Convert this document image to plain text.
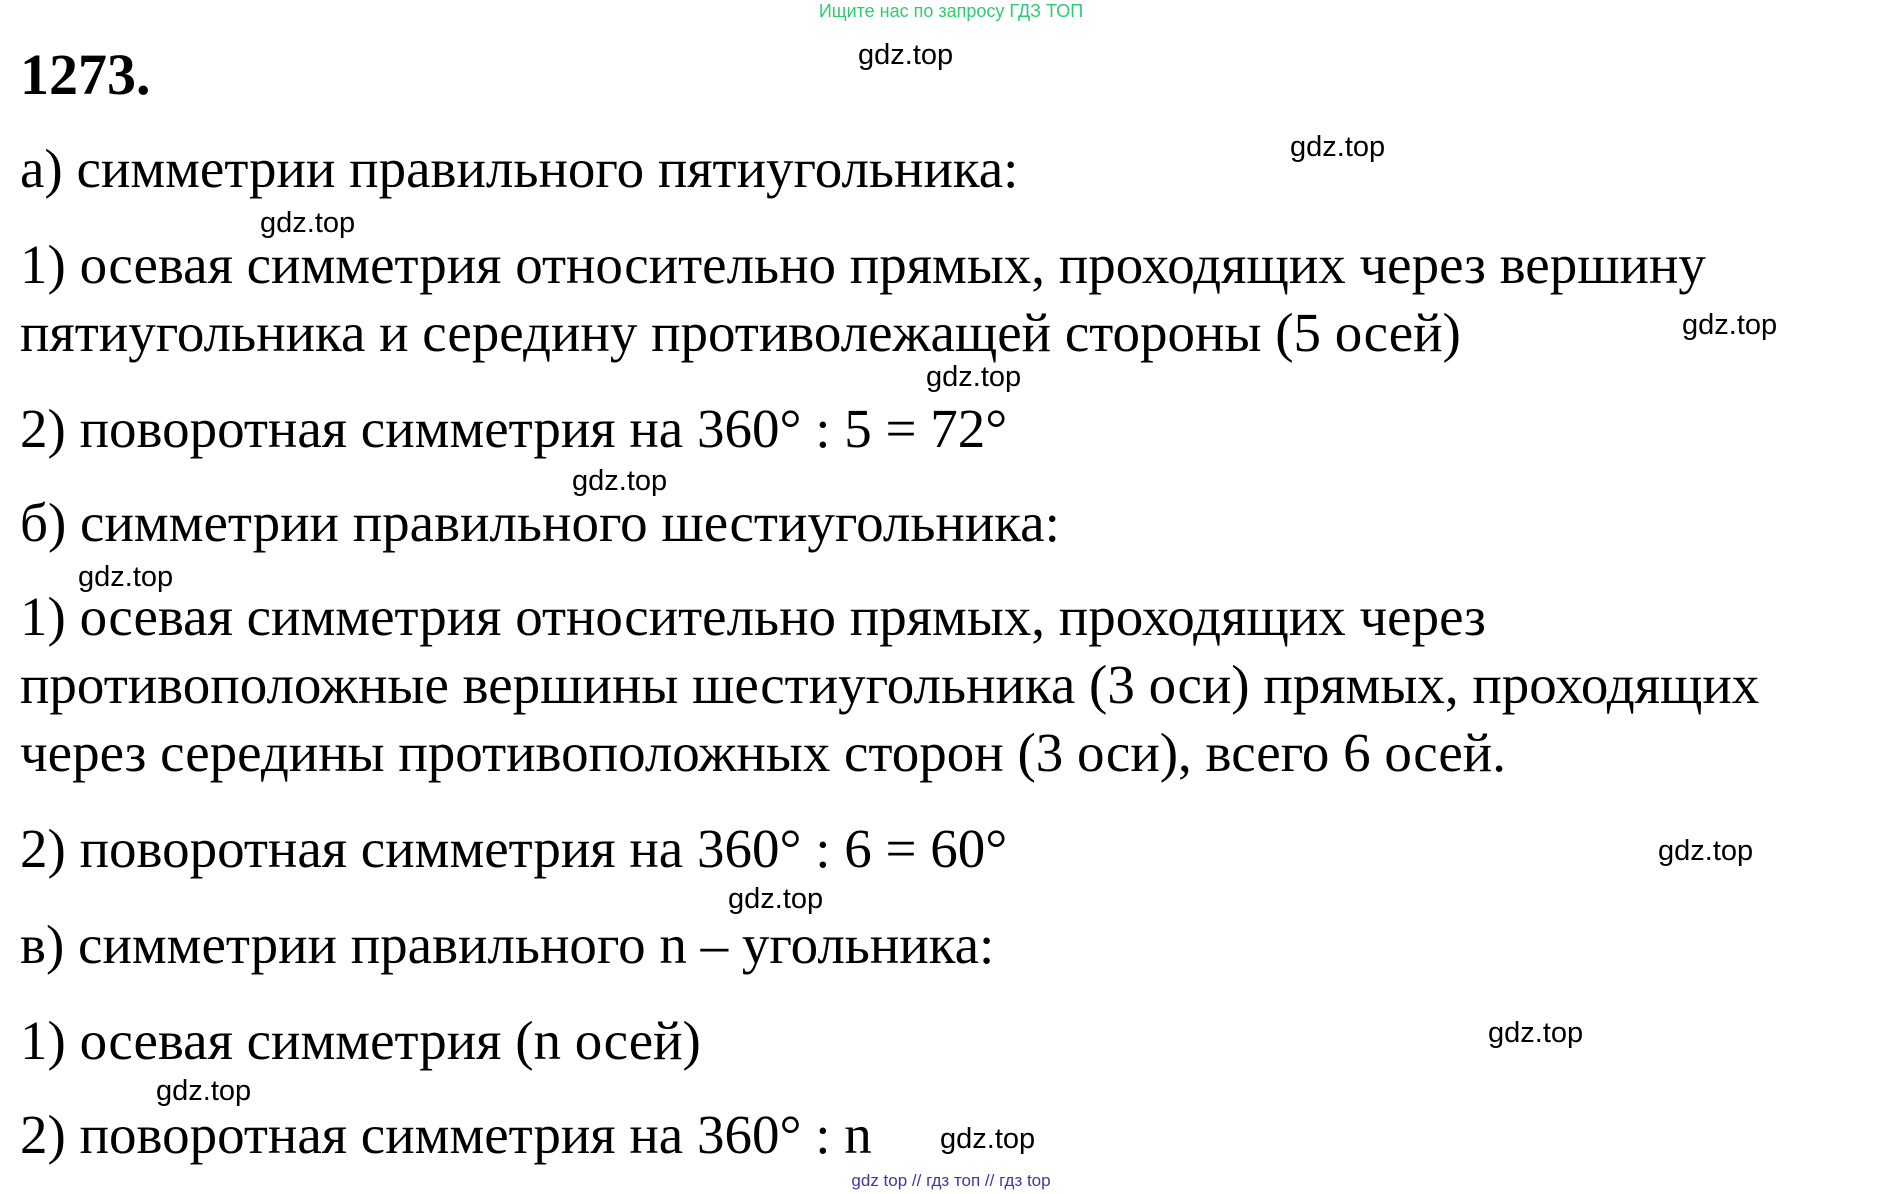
Ищите нас по запросу ГДЗ ТОП
1273.
а) симметрии правильного пятиугольника:
1) осевая симметрия относительно прямых, проходящих через вершину
пятиугольника и середину противолежащей стороны (5 осей)
2) поворотная симметрия на 360° : 5 = 72°
б) симметрии правильного шестиугольника:
1) осевая симметрия относительно прямых, проходящих через
противоположные вершины шестиугольника (3 оси) прямых, проходящих
через середины противоположных сторон (3 оси), всего 6 осей.
2) поворотная симметрия на 360° : 6 = 60°
в) симметрии правильного n – угольника:
1) осевая симметрия (n осей)
2) поворотная симметрия на 360° : n
gdz.top
gdz.top
gdz.top
gdz.top
gdz.top
gdz.top
gdz.top
gdz.top
gdz.top
gdz.top
gdz.top
gdz.top
gdz top // гдз топ // гдз top
